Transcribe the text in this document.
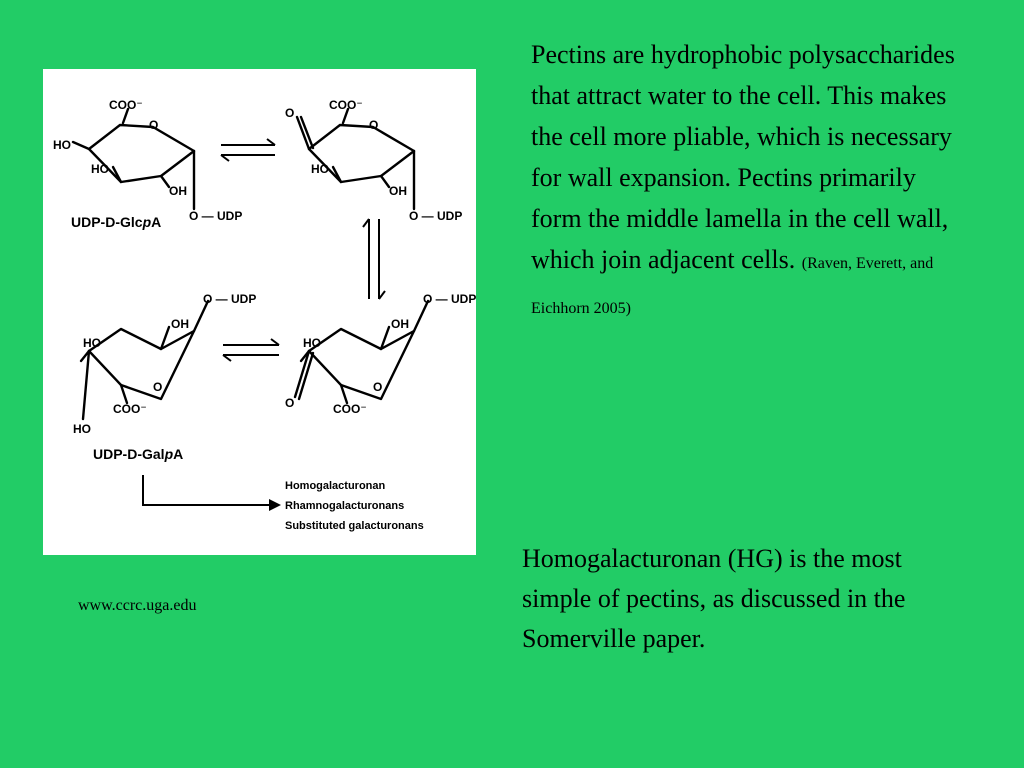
COO⁻
HO
HO
OH
O
O — UDP
UDP-D-GlcpA
O
COO⁻
HO
OH
O
O — UDP
O — UDP
OH
HO
O
COO⁻
HO
UDP-D-GalpA
O — UDP
OH
HO
O
O	COO⁻
Homogalacturonan
Rhamnogalacturonans
Substituted galacturonans
Pectins are hydrophobic polysaccharides that attract water to the cell. This makes the cell more pliable, which is necessary for wall expansion. Pectins primarily form the middle lamella in the cell wall, which join adjacent cells. (Raven, Everett, and Eichhorn 2005)
Homogalacturonan (HG) is the most simple of pectins, as discussed in the Somerville paper.
www.ccrc.uga.edu
